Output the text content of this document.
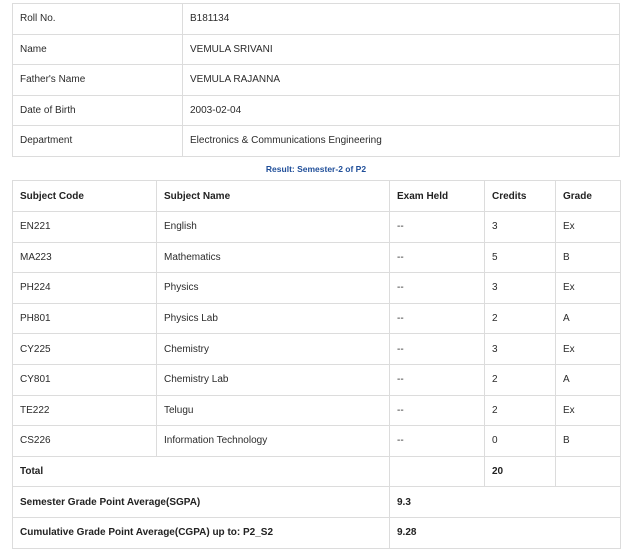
Roll No.	B181134
Name	VEMULA SRIVANI
Father's Name	VEMULA RAJANNA
Date of Birth	2003-02-04
Department	Electronics & Communications Engineering
Result: Semester-2 of P2
Subject Code	Subject Name	Exam Held	Credits	Grade
EN221	English	--	3	Ex
MA223	Mathematics	--	5	B
PH224	Physics	--	3	Ex
PH801	Physics Lab	--	2	A
CY225	Chemistry	--	3	Ex
CY801	Chemistry Lab	--	2	A
TE222	Telugu	--	2	Ex
CS226	Information Technology	--	0	B
Total			20	
Semester Grade Point Average(SGPA)		9.3		
Cumulative Grade Point Average(CGPA) up to: P2_S2		9.28		
